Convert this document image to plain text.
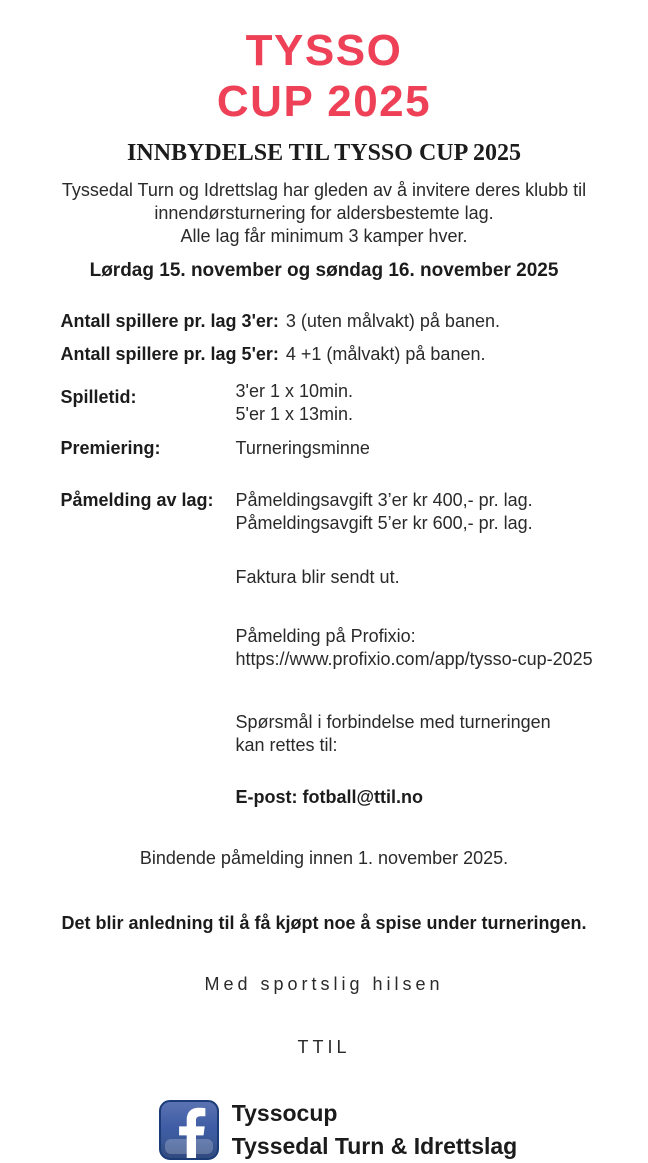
TYSSO
CUP 2025
INNBYDELSE TIL TYSSO CUP 2025
Tyssedal Turn og Idrettslag har gleden av å invitere deres klubb til
innendørsturnering for aldersbestemte lag.
Alle lag får minimum 3 kamper hver.
Lørdag 15. november og søndag 16. november 2025
Antall spillere pr. lag 3'er: 3 (uten målvakt) på banen.
Antall spillere pr. lag 5'er: 4 +1 (målvakt) på banen.
Spilletid:	3'er 1 x 10min.
5'er 1 x 13min.
Premiering:	Turneringsminne
Påmelding av lag:	Påmeldingsavgift 3’er kr 400,- pr. lag.
Påmeldingsavgift 5’er kr 600,- pr. lag.
Faktura blir sendt ut.
Påmelding på Profixio:
https://www.profixio.com/app/tysso-cup-2025
Spørsmål i forbindelse med turneringen
kan rettes til:
E-post: fotball@ttil.no
Bindende påmelding innen 1. november 2025.
Det blir anledning til å få kjøpt noe å spise under turneringen.
Med sportslig hilsen
TTIL
Tyssocup
Tyssedal Turn & Idrettslag
